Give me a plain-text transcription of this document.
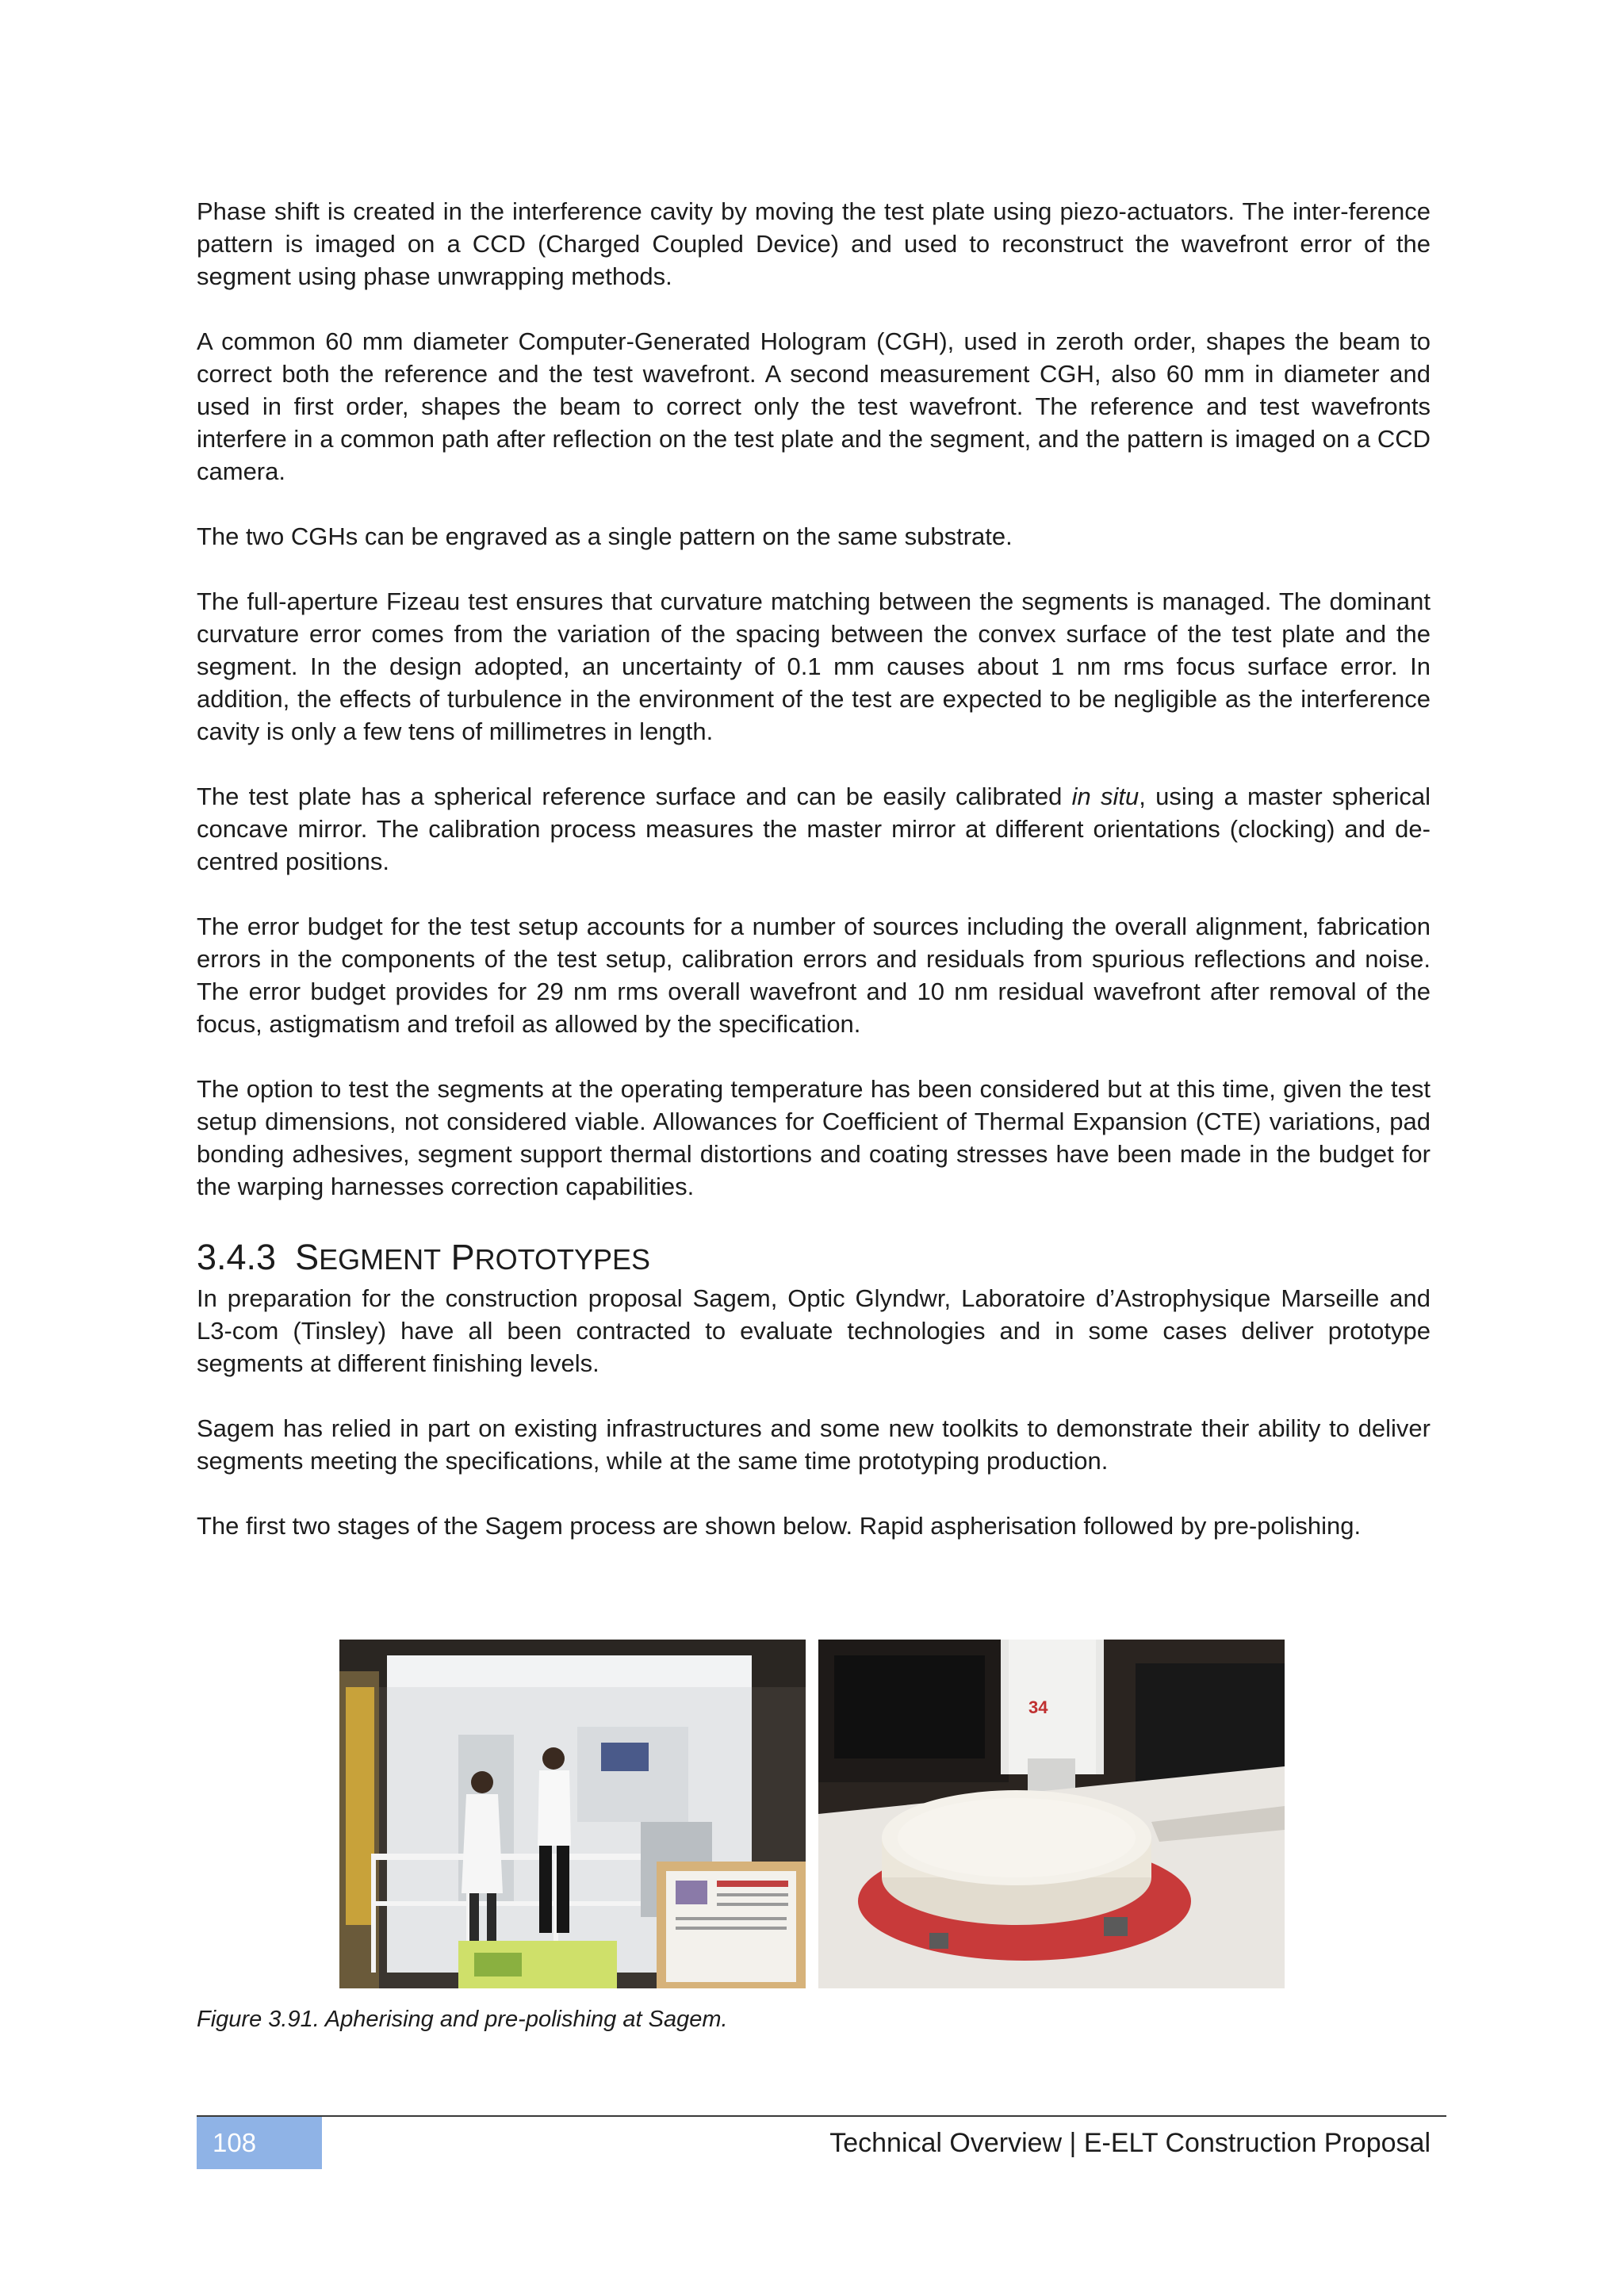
Phase shift is created in the interference cavity by moving the test plate using piezo-actuators. The inter-ference pattern is imaged on a CCD (Charged Coupled Device) and used to reconstruct the wavefront error of the segment using phase unwrapping methods.

A common 60 mm diameter Computer-Generated Hologram (CGH), used in zeroth order, shapes the beam to correct both the reference and the test wavefront. A second measurement CGH, also 60 mm in diameter and used in first order, shapes the beam to correct only the test wavefront. The reference and test wavefronts interfere in a common path after reflection on the test plate and the segment, and the pattern is imaged on a CCD camera.

The two CGHs can be engraved as a single pattern on the same substrate.

The full-aperture Fizeau test ensures that curvature matching between the segments is managed. The dominant curvature error comes from the variation of the spacing between the convex surface of the test plate and the segment. In the design adopted, an uncertainty of 0.1 mm causes about 1 nm rms focus surface error. In addition, the effects of turbulence in the environment of the test are expected to be negligible as the interference cavity is only a few tens of millimetres in length.

The test plate has a spherical reference surface and can be easily calibrated in situ, using a master spherical concave mirror. The calibration process measures the master mirror at different orientations (clocking) and de-centred positions.

The error budget for the test setup accounts for a number of sources including the overall alignment, fabrication errors in the components of the test setup, calibration errors and residuals from spurious reflections and noise. The error budget provides for 29 nm rms overall wavefront and 10 nm residual wavefront after removal of the focus, astigmatism and trefoil as allowed by the specification.

The option to test the segments at the operating temperature has been considered but at this time, given the test setup dimensions, not considered viable. Allowances for Coefficient of Thermal Expansion (CTE) variations, pad bonding adhesives, segment support thermal distortions and coating stresses have been made in the budget for the warping harnesses correction capabilities.

3.4.3 SEGMENT PROTOTYPES

In preparation for the construction proposal Sagem, Optic Glyndwr, Laboratoire d’Astrophysique Marseille and L3-com (Tinsley) have all been contracted to evaluate technologies and in some cases deliver prototype segments at different finishing levels.

Sagem has relied in part on existing infrastructures and some new toolkits to demonstrate their ability to deliver segments meeting the specifications, while at the same time prototyping production.

The first two stages of the Sagem process are shown below. Rapid aspherisation followed by pre-polishing.

34
Figure 3.91. Apherising and pre-polishing at Sagem.
108	Technical Overview | E-ELT Construction Proposal
